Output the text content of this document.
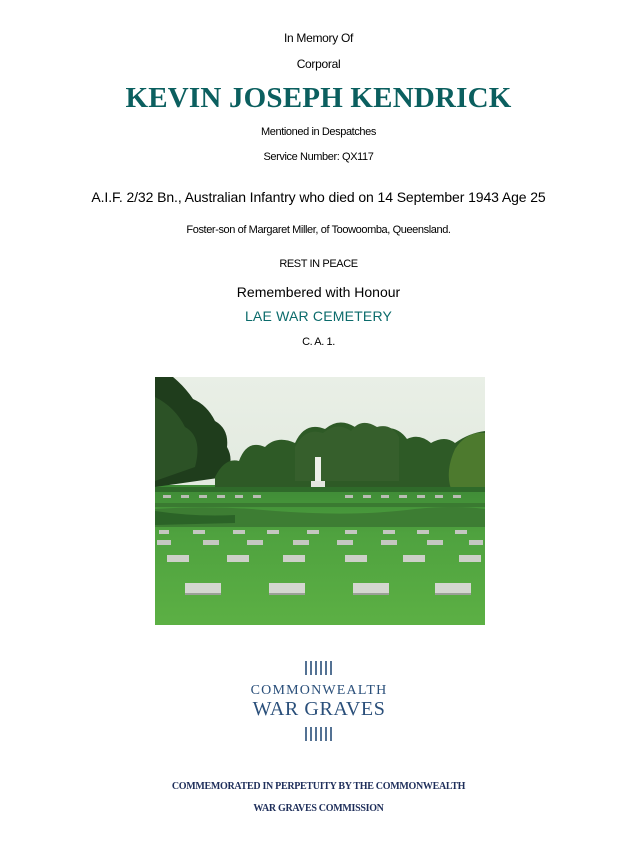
In Memory Of
Corporal
KEVIN JOSEPH KENDRICK
Mentioned in Despatches
Service Number: QX117
A.I.F. 2/32 Bn., Australian Infantry who died on 14 September 1943 Age 25
Foster-son of Margaret Miller, of Toowoomba, Queensland.
REST IN PEACE
Remembered with Honour
LAE WAR CEMETERY
C. A. 1.
COMMONWEALTH
WAR GRAVES
COMMEMORATED IN PERPETUITY BY THE COMMONWEALTH
WAR GRAVES COMMISSION
